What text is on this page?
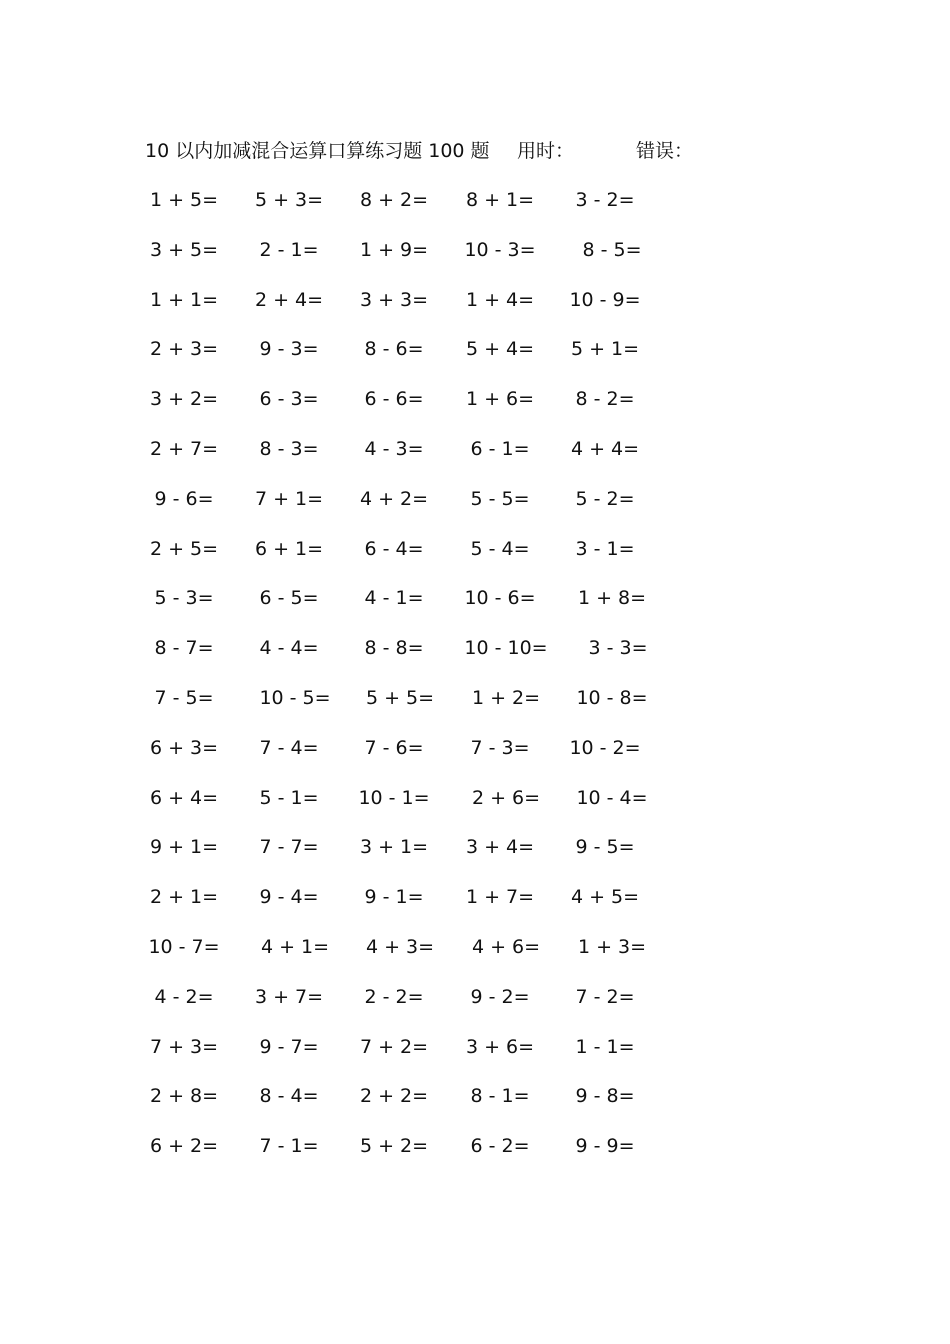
10 以内加减混合运算口算练习题 100 题 用时：	错误：
1 + 5=	5 + 3=	8 + 2=	8 + 1=	3 - 2=
3 + 5=	2 - 1=	1 + 9=	10 - 3=	8 - 5=
1 + 1=	2 + 4=	3 + 3=	1 + 4=	10 - 9=
2 + 3=	9 - 3=	8 - 6=	5 + 4=	5 + 1=
3 + 2=	6 - 3=	6 - 6=	1 + 6=	8 - 2=
2 + 7=	8 - 3=	4 - 3=	6 - 1=	4 + 4=
9 - 6=	7 + 1=	4 + 2=	5 - 5=	5 - 2=
2 + 5=	6 + 1=	6 - 4=	5 - 4=	3 - 1=
5 - 3=	6 - 5=	4 - 1=	10 - 6=	1 + 8=
8 - 7=	4 - 4=	8 - 8=	10 - 10=	3 - 3=
7 - 5=	10 - 5=	5 + 5=	1 + 2=	10 - 8=
6 + 3=	7 - 4=	7 - 6=	7 - 3=	10 - 2=
6 + 4=	5 - 1=	10 - 1=	2 + 6=	10 - 4=
9 + 1=	7 - 7=	3 + 1=	3 + 4=	9 - 5=
2 + 1=	9 - 4=	9 - 1=	1 + 7=	4 + 5=
10 - 7=	4 + 1=	4 + 3=	4 + 6=	1 + 3=
4 - 2=	3 + 7=	2 - 2=	9 - 2=	7 - 2=
7 + 3=	9 - 7=	7 + 2=	3 + 6=	1 - 1=
2 + 8=	8 - 4=	2 + 2=	8 - 1=	9 - 8=
6 + 2=	7 - 1=	5 + 2=	6 - 2=	9 - 9=
